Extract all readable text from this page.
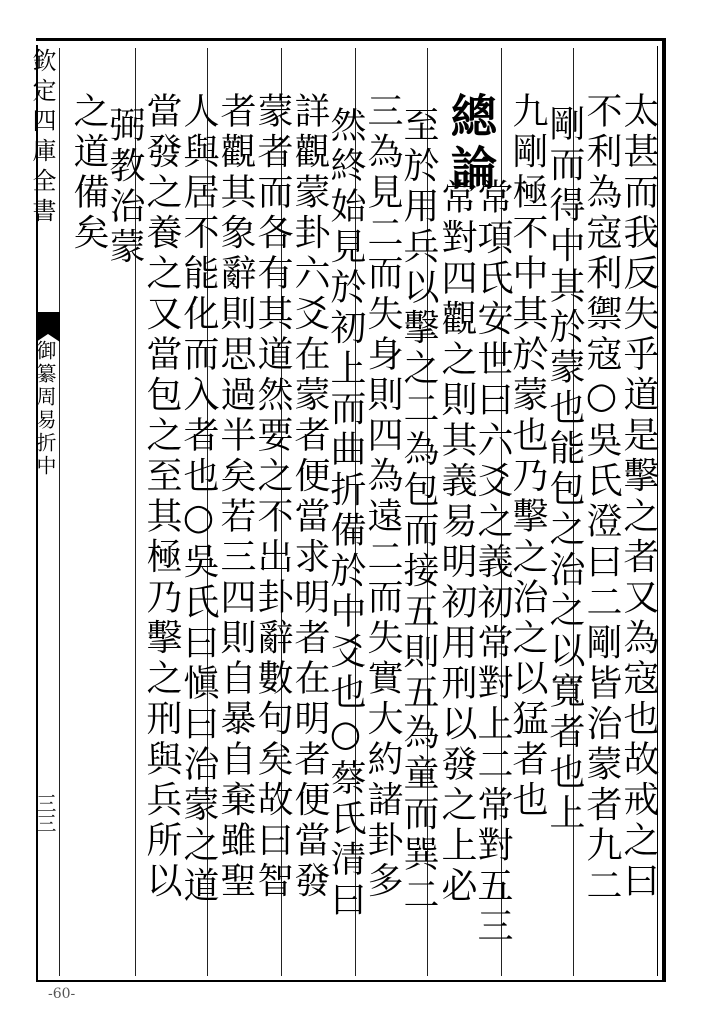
欽定四庫全書
御纂周易折中
三三	太甚而我反失乎道是擊之者又為寇也故戒之曰
不利為寇利禦寇○吳氏澄曰二剛皆治蒙者九二
剛而得中其於蒙也能包之治之以寬者也上
九剛極不中其於蒙也乃擊之治之以猛者也
總論
常項氏安世曰六爻之義初常對上二常對五三
常對四觀之則其義易明初用刑以發之上必
至於用兵以擊之二為包而接五則五為童而巽二
三為見二而失身則四為遠二而失實大約諸卦多
然終始見於初上而曲折備於中爻也○蔡氏清曰
詳觀蒙卦六爻在蒙者便當求明者在明者便當發
蒙者而各有其道然要之不出卦辭數句矣故曰智
者觀其象辭則思過半矣若三四則自暴自棄雖聖
人與居不能化而入者也○吳氏曰愼曰治蒙之道
當發之養之又當包之至其極乃擊之刑與兵所以
弼教治蒙
之道備矣
-60-
